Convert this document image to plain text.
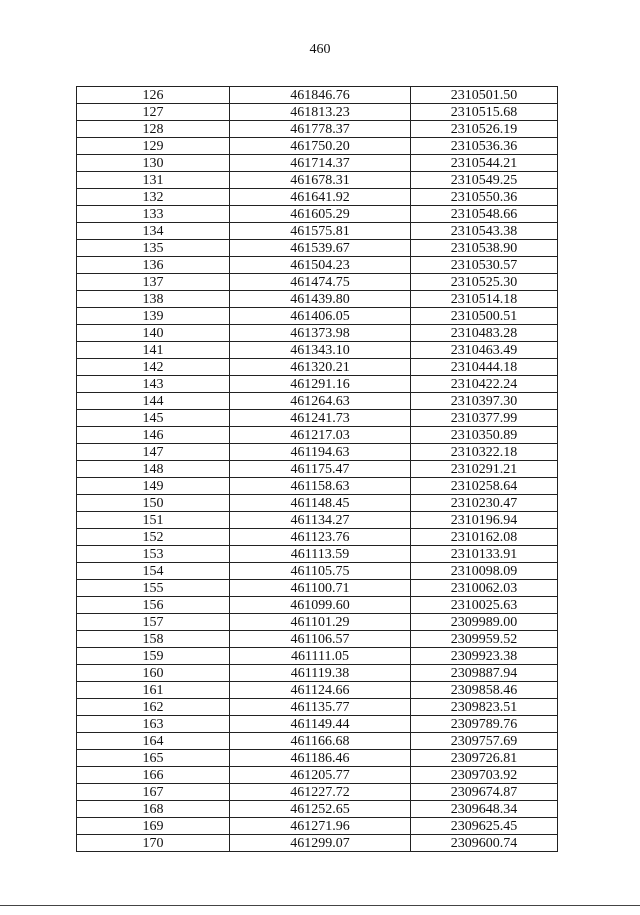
460
126	461846.76	2310501.50
127	461813.23	2310515.68
128	461778.37	2310526.19
129	461750.20	2310536.36
130	461714.37	2310544.21
131	461678.31	2310549.25
132	461641.92	2310550.36
133	461605.29	2310548.66
134	461575.81	2310543.38
135	461539.67	2310538.90
136	461504.23	2310530.57
137	461474.75	2310525.30
138	461439.80	2310514.18
139	461406.05	2310500.51
140	461373.98	2310483.28
141	461343.10	2310463.49
142	461320.21	2310444.18
143	461291.16	2310422.24
144	461264.63	2310397.30
145	461241.73	2310377.99
146	461217.03	2310350.89
147	461194.63	2310322.18
148	461175.47	2310291.21
149	461158.63	2310258.64
150	461148.45	2310230.47
151	461134.27	2310196.94
152	461123.76	2310162.08
153	461113.59	2310133.91
154	461105.75	2310098.09
155	461100.71	2310062.03
156	461099.60	2310025.63
157	461101.29	2309989.00
158	461106.57	2309959.52
159	461111.05	2309923.38
160	461119.38	2309887.94
161	461124.66	2309858.46
162	461135.77	2309823.51
163	461149.44	2309789.76
164	461166.68	2309757.69
165	461186.46	2309726.81
166	461205.77	2309703.92
167	461227.72	2309674.87
168	461252.65	2309648.34
169	461271.96	2309625.45
170	461299.07	2309600.74
